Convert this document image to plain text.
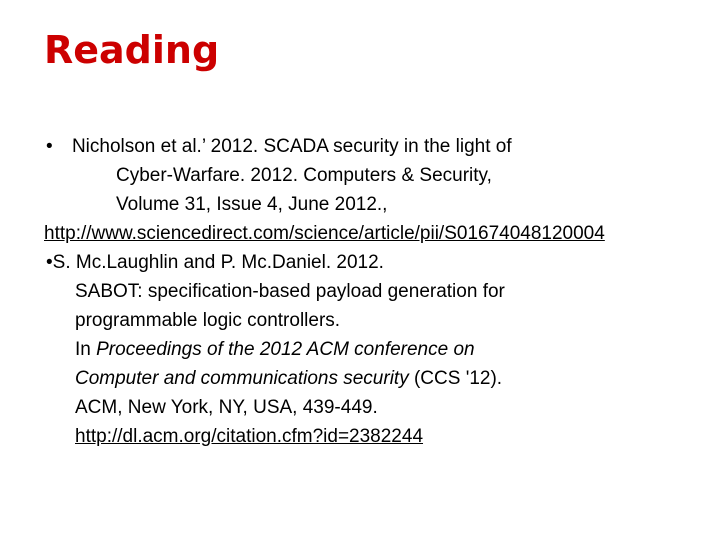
Reading
• Nicholson et al.’ 2012. SCADA security in the light of
Cyber-Warfare. 2012. Computers & Security,
Volume 31, Issue 4, June 2012.,
http://www.sciencedirect.com/science/article/pii/S01674048120004
•S. Mc.Laughlin and P. Mc.Daniel. 2012.
SABOT: specification-based payload generation for
programmable logic controllers.
In Proceedings of the 2012 ACM conference on
Computer and communications security (CCS '12).
ACM, New York, NY, USA, 439-449.
http://dl.acm.org/citation.cfm?id=2382244
